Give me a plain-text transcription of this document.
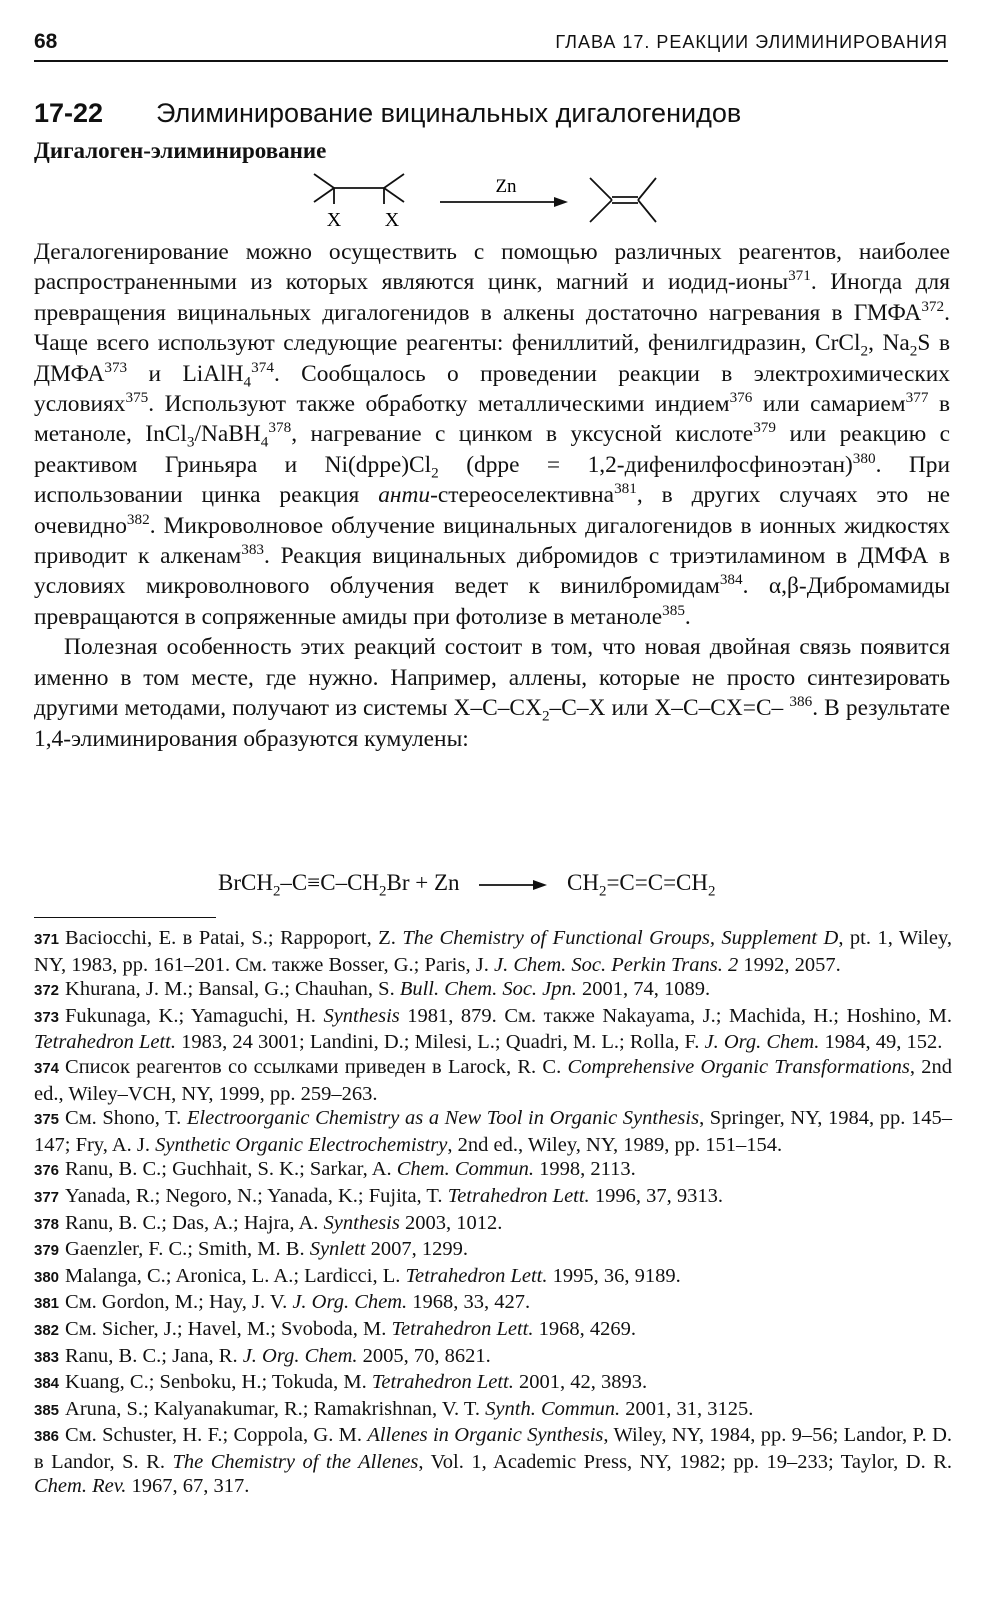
68	ГЛАВА 17. РЕАКЦИИ ЭЛИМИНИРОВАНИЯ
17-22 Элиминирование вицинальных дигалогенидов
Дигалоген-элиминирование
X X
Zn

Дегалогенирование можно осуществить с помощью различных реагентов, наиболее распространенными из которых являются цинк, магний и иодид-ионы$^{371}$. Иногда для превращения вицинальных дигалогенидов в алкены достаточно нагревания в ГМФА$^{372}$. Чаще всего используют следующие реагенты: фениллитий, фенилгидразин, CrCl$_2$, $Na_2S$ в ДМФА$^{373}$ и LiAlH$_4^{374}$. Сообщалось о проведении реакции в электрохимических условиях$^{375}$. Используют также обработку металлическими индием$^{376}$ или самарием$^{377}$ в метаноле, InCl$_3$/NaBH$_4^{378}$, нагревание с цинком в уксусной кислоте$^{379}$ или реакцию с реактивом Гриньяра и $Ni(dppe)Cl_2$ (dppe = 1,2-дифенилфосфиноэтан)$^{380}$. При использовании цинка реакция анти-стереоселективна$^{381}$, в других случаях это не очевидно$^{382}$. Микроволновое облучение вицинальных дигалогенидов в ионных жидкостях приводит к алкенам$^{383}$. Реакция вицинальных дибромидов с триэтиламином в ДМФА в условиях микроволнового облучения ведет к винилбромидам$^{384}$. α,β-Дибромамиды превращаются в сопряженные амиды при фотолизе в метаноле$^{385}$.

Полезная особенность этих реакций состоит в том, что новая двойная связь появится именно в том месте, где нужно. Например, аллены, которые не просто синтезировать другими методами, получают из системы $X-C-CX_2-C-X$ или X–C–CX=C– $^{386}$. В результате 1,4-элиминирования образуются кумулены:

$BrCH_2-C\equiv C-CH_2Br + Zn$	$CH_2=C=C=CH_2$

371 Baciocchi, E. в Patai, S.; Rappoport, Z. The Chemistry of Functional Groups, Supplement D, pt. 1, Wiley, NY, 1983, pp. 161–201. См. также Bosser, G.; Paris, J. J. Chem. Soc. Perkin Trans. 2 1992, 2057.

372 Khurana, J. M.; Bansal, G.; Chauhan, S. Bull. Chem. Soc. Jpn. 2001, 74, 1089.

373 Fukunaga, K.; Yamaguchi, H. Synthesis 1981, 879. См. также Nakayama, J.; Machida, H.; Hoshino, M. Tetrahedron Lett. 1983, 24 3001; Landini, D.; Milesi, L.; Quadri, M. L.; Rolla, F. J. Org. Chem. 1984, 49, 152.

374 Список реагентов со ссылками приведен в Larock, R. C. Comprehensive Organic Transformations, 2nd ed., Wiley–VCH, NY, 1999, pp. 259–263.

375 См. Shono, T. Electroorganic Chemistry as a New Tool in Organic Synthesis, Springer, NY, 1984, pp. 145–147; Fry, A. J. Synthetic Organic Electrochemistry, 2nd ed., Wiley, NY, 1989, pp. 151–154.

376 Ranu, B. C.; Guchhait, S. K.; Sarkar, A. Chem. Commun. 1998, 2113.

377 Yanada, R.; Negoro, N.; Yanada, K.; Fujita, T. Tetrahedron Lett. 1996, 37, 9313.

378 Ranu, B. C.; Das, A.; Hajra, A. Synthesis 2003, 1012.

379 Gaenzler, F. C.; Smith, M. B. Synlett 2007, 1299.

380 Malanga, C.; Aronica, L. A.; Lardicci, L. Tetrahedron Lett. 1995, 36, 9189.

381 См. Gordon, M.; Hay, J. V. J. Org. Chem. 1968, 33, 427.

382 См. Sicher, J.; Havel, M.; Svoboda, M. Tetrahedron Lett. 1968, 4269.

383 Ranu, B. C.; Jana, R. J. Org. Chem. 2005, 70, 8621.

384 Kuang, C.; Senboku, H.; Tokuda, M. Tetrahedron Lett. 2001, 42, 3893.

385 Aruna, S.; Kalyanakumar, R.; Ramakrishnan, V. T. Synth. Commun. 2001, 31, 3125.

386 См. Schuster, H. F.; Coppola, G. M. Allenes in Organic Synthesis, Wiley, NY, 1984, pp. 9–56; Landor, P. D. в Landor, S. R. The Chemistry of the Allenes, Vol. 1, Academic Press, NY, 1982; pp. 19–233; Taylor, D. R. Chem. Rev. 1967, 67, 317.
